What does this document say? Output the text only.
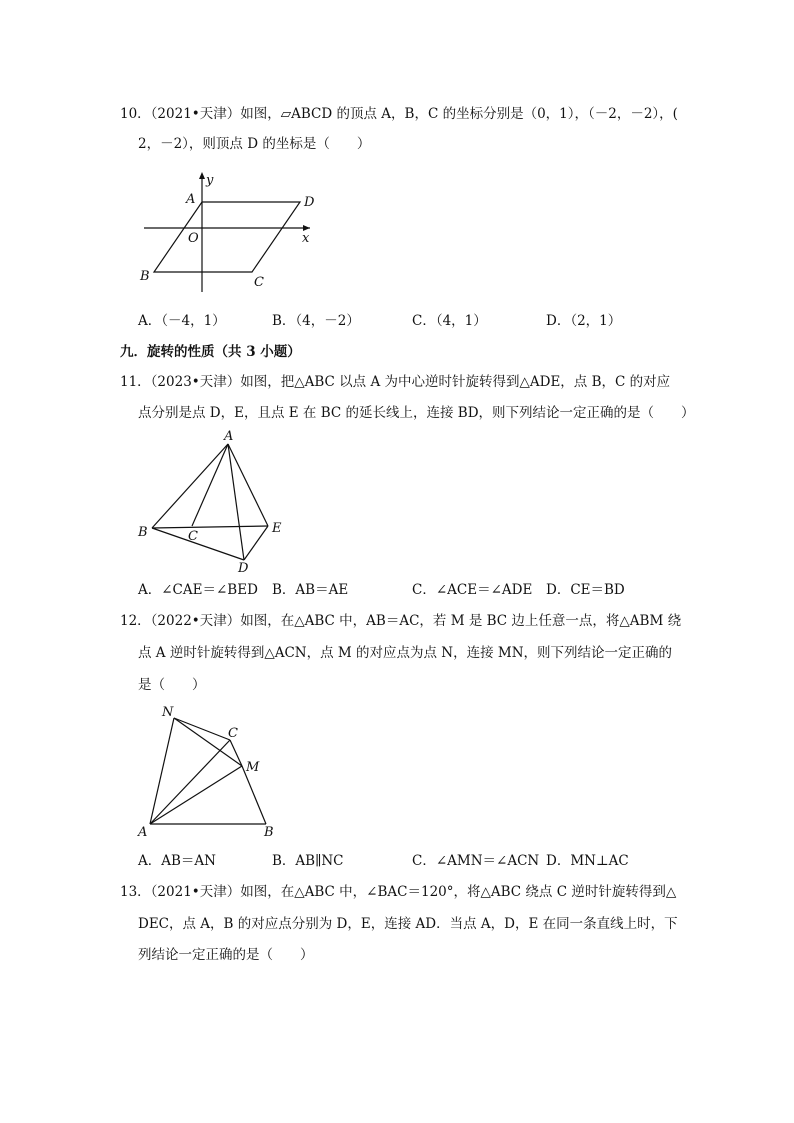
10．（2021•天津）如图，▱ABCD 的顶点 A，B，C 的坐标分别是（0，1），（－2，－2），(
2，－2），则顶点 D 的坐标是（　　）
y
A	D
O	x
B	C
A．（－4，1）	B．（4，－2）	C．（4，1）	D．（2，1）
九．旋转的性质（共 3 小题）
11．（2023•天津）如图，把△ABC 以点 A 为中心逆时针旋转得到△ADE，点 B，C 的对应
点分别是点 D，E，且点 E 在 BC 的延长线上，连接 BD，则下列结论一定正确的是（　　）
A
B	C
E
D
A．∠CAE＝∠BED B．AB＝AE	C．∠ACE＝∠ADE D．CE＝BD
12．（2022•天津）如图，在△ABC 中，AB＝AC，若 M 是 BC 边上任意一点，将△ABM 绕
点 A 逆时针旋转得到△ACN，点 M 的对应点为点 N，连接 MN，则下列结论一定正确的
是（　　）
N
C
M
A	B
A．AB＝AN	B．AB∥NC	C．∠AMN＝∠ACN D．MN⊥AC
13．（2021•天津）如图，在△ABC 中，∠BAC＝120°，将△ABC 绕点 C 逆时针旋转得到△
DEC，点 A，B 的对应点分别为 D，E，连接 AD．当点 A，D，E 在同一条直线上时，下
列结论一定正确的是（　　）
